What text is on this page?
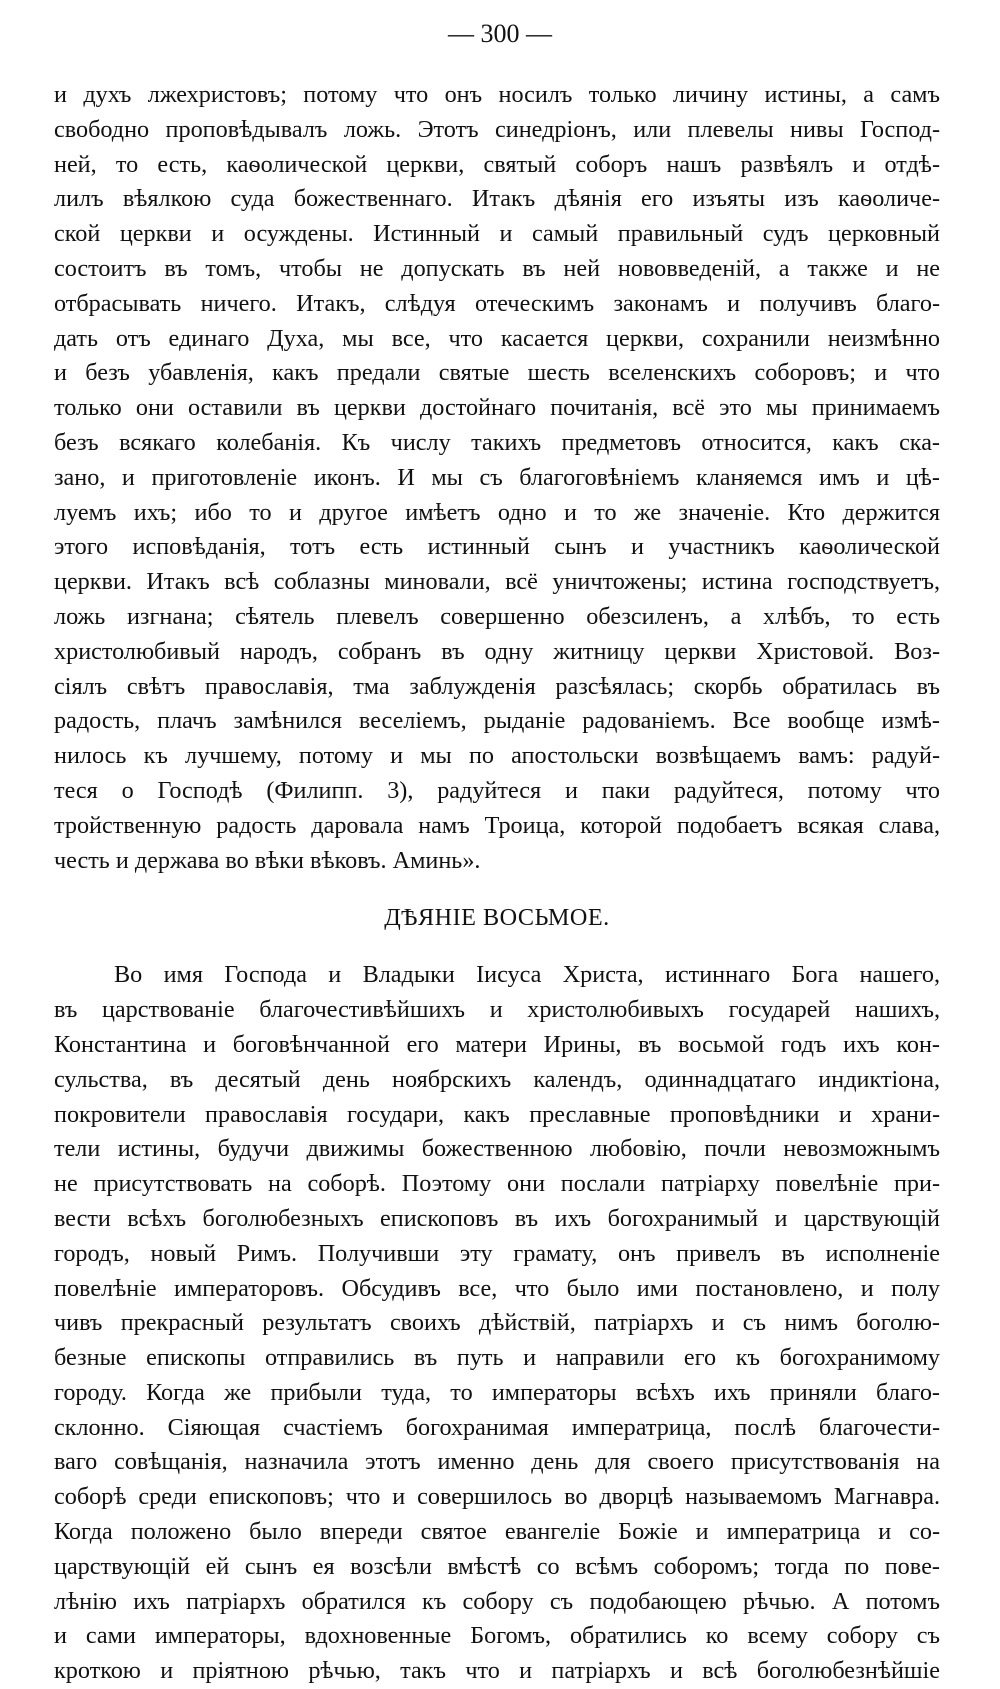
— 300 —
и духъ лжехристовъ; потому что онъ носилъ только личину истины, а самъ
свободно проповѣдывалъ ложь. Этотъ синедріонъ, или плевелы нивы Господ-
ней, то есть, каѳолической церкви, святый соборъ нашъ развѣялъ и отдѣ-
лилъ вѣялкою суда божественнаго. Итакъ дѣянія его изъяты изъ каѳоличе-
ской церкви и осуждены. Истинный и самый правильный судъ церковный
состоитъ въ томъ, чтобы не допускать въ ней нововведеній, а также и не
отбрасывать ничего. Итакъ, слѣдуя отеческимъ законамъ и получивъ благо-
дать отъ единаго Духа, мы все, что касается церкви, сохранили неизмѣнно
и безъ убавленія, какъ предали святые шесть вселенскихъ соборовъ; и что
только они оставили въ церкви достойнаго почитанія, всё это мы принимаемъ
безъ всякаго колебанія. Къ числу такихъ предметовъ относится, какъ ска-
зано, и приготовленіе иконъ. И мы съ благоговѣніемъ кланяемся имъ и цѣ-
луемъ ихъ; ибо то и другое имѣетъ одно и то же значеніе. Кто держится
этого исповѣданія, тотъ есть истинный сынъ и участникъ каѳолической
церкви. Итакъ всѣ соблазны миновали, всё уничтожены; истина господствуетъ,
ложь изгнана; сѣятель плевелъ совершенно обезсиленъ, а хлѣбъ, то есть
христолюбивый народъ, собранъ въ одну житницу церкви Христовой. Воз-
сіялъ свѣтъ православія, тма заблужденія разсѣялась; скорбь обратилась въ
радость, плачъ замѣнился веселіемъ, рыданіе радованіемъ. Все вообще измѣ-
нилось къ лучшему, потому и мы по апостольски возвѣщаемъ вамъ: радуй-
теся о Господѣ (Филипп. 3), радуйтеся и паки радуйтеся, потому что
тройственную радость даровала намъ Троица, которой подобаетъ всякая слава,
честь и держава во вѣки вѣковъ. Аминь».
ДѢЯНІЕ ВОСЬМОЕ.
Во имя Господа и Владыки Іисуса Христа, истиннаго Бога нашего,
въ царствованіе благочестивѣйшихъ и христолюбивыхъ государей нашихъ,
Константина и боговѣнчанной его матери Ирины, въ восьмой годъ ихъ кон-
сульства, въ десятый день ноябрскихъ календъ, одиннадцатаго индиктіона,
покровители православія государи, какъ преславные проповѣдники и храни-
тели истины, будучи движимы божественною любовію, почли невозможнымъ
не присутствовать на соборѣ. Поэтому они послали патріарху повелѣніе при-
вести всѣхъ боголюбезныхъ епископовъ въ ихъ богохранимый и царствующій
городъ, новый Римъ. Получивши эту грамату, онъ привелъ въ исполненіе
повелѣніе императоровъ. Обсудивъ все, что было ими постановлено, и полу
чивъ прекрасный результатъ своихъ дѣйствій, патріархъ и съ нимъ боголю-
безные епископы отправились въ путь и направили его къ богохранимому
городу. Когда же прибыли туда, то императоры всѣхъ ихъ приняли благо-
склонно. Сіяющая счастіемъ богохранимая императрица, послѣ благочести-
ваго совѣщанія, назначила этотъ именно день для своего присутствованія на
соборѣ среди епископовъ; что и совершилось во дворцѣ называемомъ Магнавра.
Когда положено было впереди святое евангеліе Божіе и императрица и со-
царствующій ей сынъ ея возсѣли вмѣстѣ со всѣмъ соборомъ; тогда по повe-
лѣнію ихъ патріархъ обратился къ собору съ подобающею рѣчью. А потомъ
и сами императоры, вдохновенные Богомъ, обратились ко всему собору съ
кроткою и пріятною рѣчью, такъ что и патріархъ и всѣ боголюбезнѣйшіе
